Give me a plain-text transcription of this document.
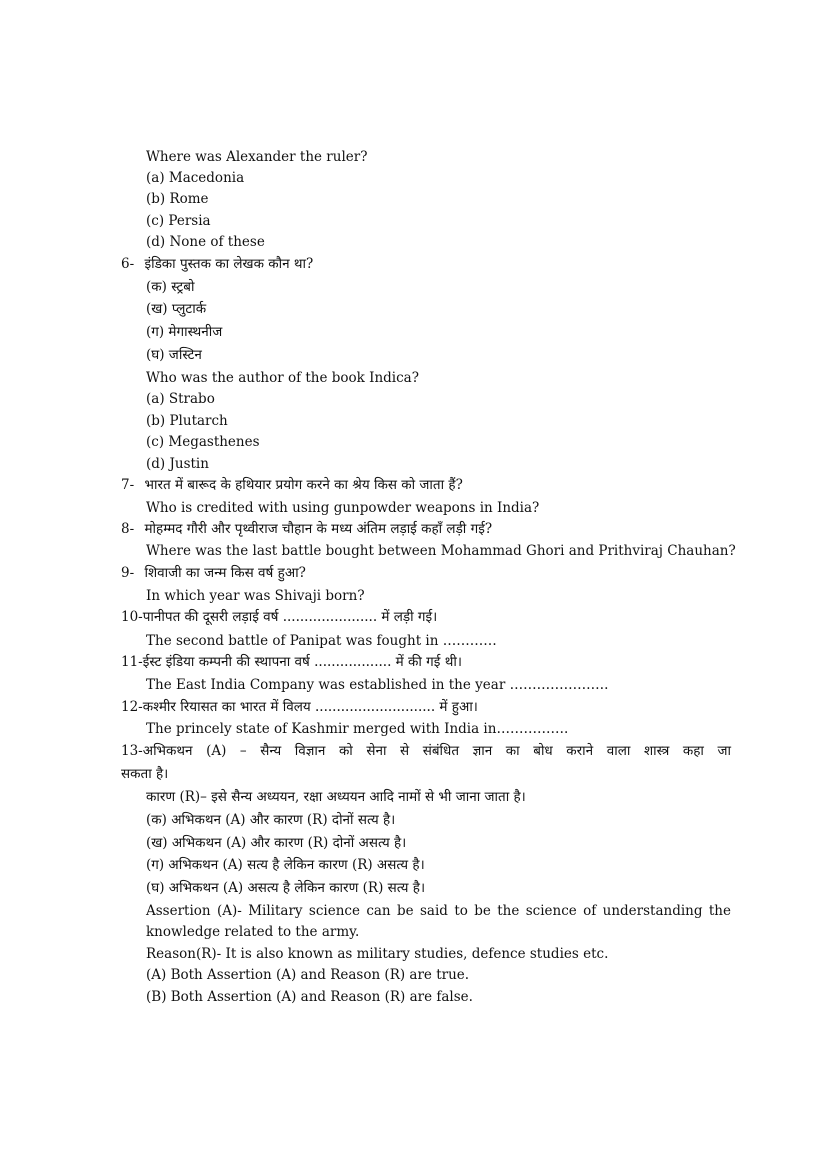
Where was Alexander the ruler?
(a) Macedonia
(b) Rome
(c) Persia
(d) None of these
6- इंडिका पुस्तक का लेखक कौन था?
(क) स्ट्रबो
(ख) प्लुटार्क
(ग) मेगास्थनीज
(घ) जस्टिन
Who was the author of the book Indica?
(a) Strabo
(b) Plutarch
(c) Megasthenes
(d) Justin
7- भारत में बारूद के हथियार प्रयोग करने का श्रेय किस को जाता हैं?
Who is credited with using gunpowder weapons in India?
8- मोहम्मद गौरी और पृथ्वीराज चौहान के मध्य अंतिम लड़ाई कहाँ लड़ी गई?
Where was the last battle bought between Mohammad Ghori and Prithviraj Chauhan?
9- शिवाजी का जन्म किस वर्ष हुआ?
In which year was Shivaji born?
10-पानीपत की दूसरी लड़ाई वर्ष ...................... में लड़ी गई।
The second battle of Panipat was fought in …………
11-ईस्ट इंडिया कम्पनी की स्थापना वर्ष .................. में की गई थी।
The East India Company was established in the year ………………….
12-कश्मीर रियासत का भारत में विलय ............................ में हुआ।
The princely state of Kashmir merged with India in…………….
13-अभिकथन (A) – सैन्य विज्ञान को सेना से संबंधित ज्ञान का बोध कराने वाला शास्त्र कहा जा
सकता है।
कारण (R)– इसे सैन्य अध्ययन, रक्षा अध्ययन आदि नामों से भी जाना जाता है।
(क) अभिकथन (A) और कारण (R) दोनों सत्य है।
(ख) अभिकथन (A) और कारण (R) दोनों असत्य है।
(ग) अभिकथन (A) सत्य है लेकिन कारण (R) असत्य है।
(घ) अभिकथन (A) असत्य है लेकिन कारण (R) सत्य है।
Assertion (A)- Military science can be said to be the science of understanding the
knowledge related to the army.
Reason(R)- It is also known as military studies, defence studies etc.
(A) Both Assertion (A) and Reason (R) are true.
(B) Both Assertion (A) and Reason (R) are false.
